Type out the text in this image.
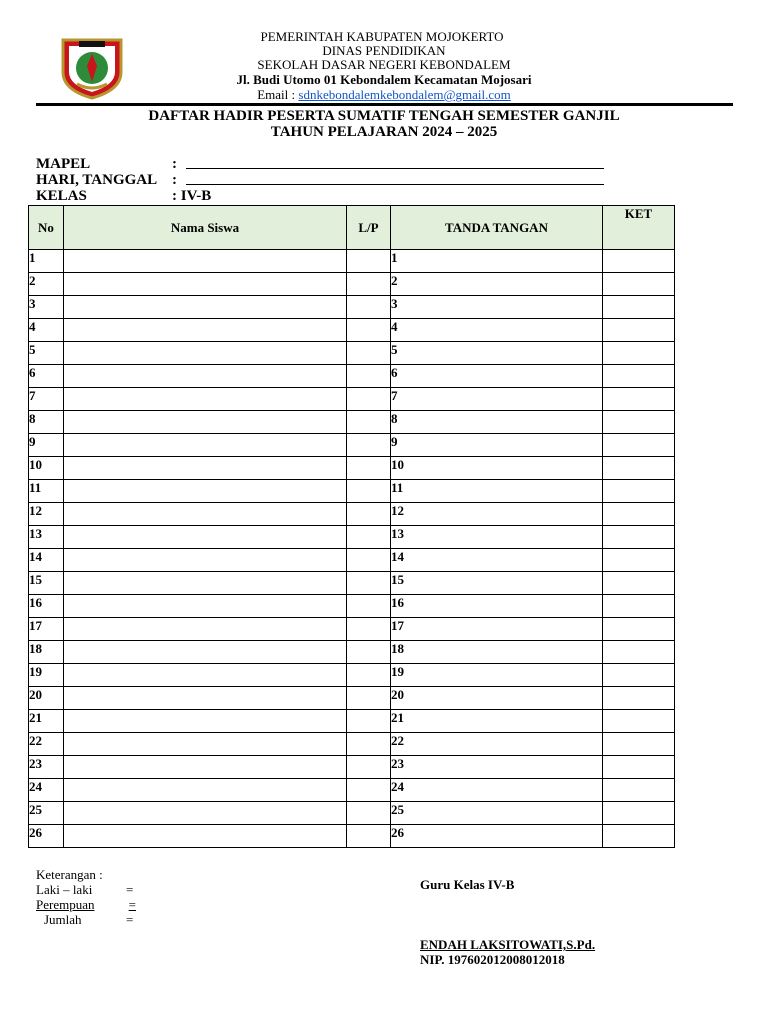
PEMERINTAH KABUPATEN MOJOKERTO
DINAS PENDIDIKAN
SEKOLAH DASAR NEGERI KEBONDALEM
Jl. Budi Utomo 01 Kebondalem Kecamatan Mojosari
Email : sdnkebondalemkebondalem@gmail.com
DAFTAR HADIR PESERTA SUMATIF TENGAH SEMESTER GANJIL
TAHUN PELAJARAN 2024 – 2025
MAPEL	:
HARI, TANGGAL :
KELAS	: IV-B
No	Nama Siswa	L/P	TANDA TANGAN	KET
1			1	
2			2	
3			3	
4			4	
5			5	
6			6	
7			7	
8			8	
9			9	
10			10	
11			11	
12			12	
13			13	
14			14	
15			15	
16			16	
17			17	
18			18	
19			19	
20			20	
21			21	
22			22	
23			23	
24			24	
25			25	
26			26	
Keterangan :
Laki – laki	=
Perempuan	=
Jumlah	=
Guru Kelas IV-B
ENDAH LAKSITOWATI,S.Pd.
NIP. 197602012008012018
